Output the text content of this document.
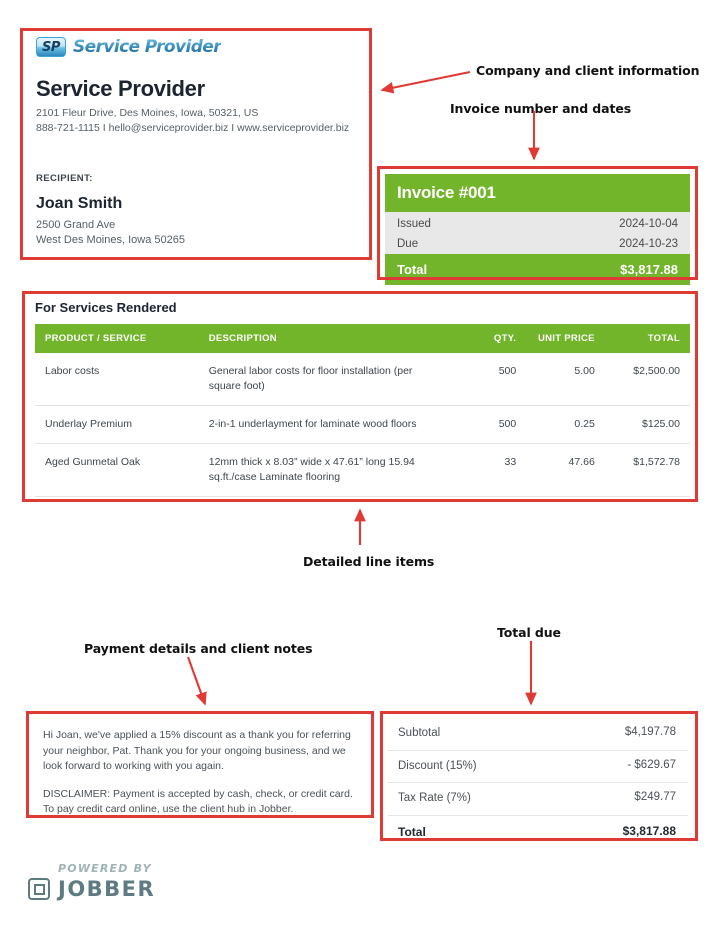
SP Service Provider
Service Provider
2101 Fleur Drive, Des Moines, Iowa, 50321, US
888-721-1115 I hello@serviceprovider.biz I www.serviceprovider.biz
RECIPIENT:
Joan Smith
2500 Grand Ave
West Des Moines, Iowa 50265
Invoice #001
Issued	2024-10-04
Due	2024-10-23
Total	$3,817.88
For Services Rendered
PRODUCT / SERVICE	DESCRIPTION	QTY.	UNIT PRICE	TOTAL
Labor costs	General labor costs for floor installation (per square foot)	500	5.00	$2,500.00
Underlay Premium	2-in-1 underlayment for laminate wood floors	500	0.25	$125.00
Aged Gunmetal Oak	12mm thick x 8.03” wide x 47.61” long 15.94 sq.ft./case Laminate flooring	33	47.66	$1,572.78

Hi Joan, we've applied a 15% discount as a thank you for referring your neighbor, Pat. Thank you for your ongoing business, and we look forward to working with you again.

DISCLAIMER: Payment is accepted by cash, check, or credit card. To pay credit card online, use the client hub in Jobber.

Subtotal	$4,197.78
Discount (15%)	- $629.67
Tax Rate (7%)	$249.77
Total	$3,817.88
POWERED BY
JOBBER
Company and client information
Invoice number and dates
Detailed line items
Payment details and client notes
Total due
